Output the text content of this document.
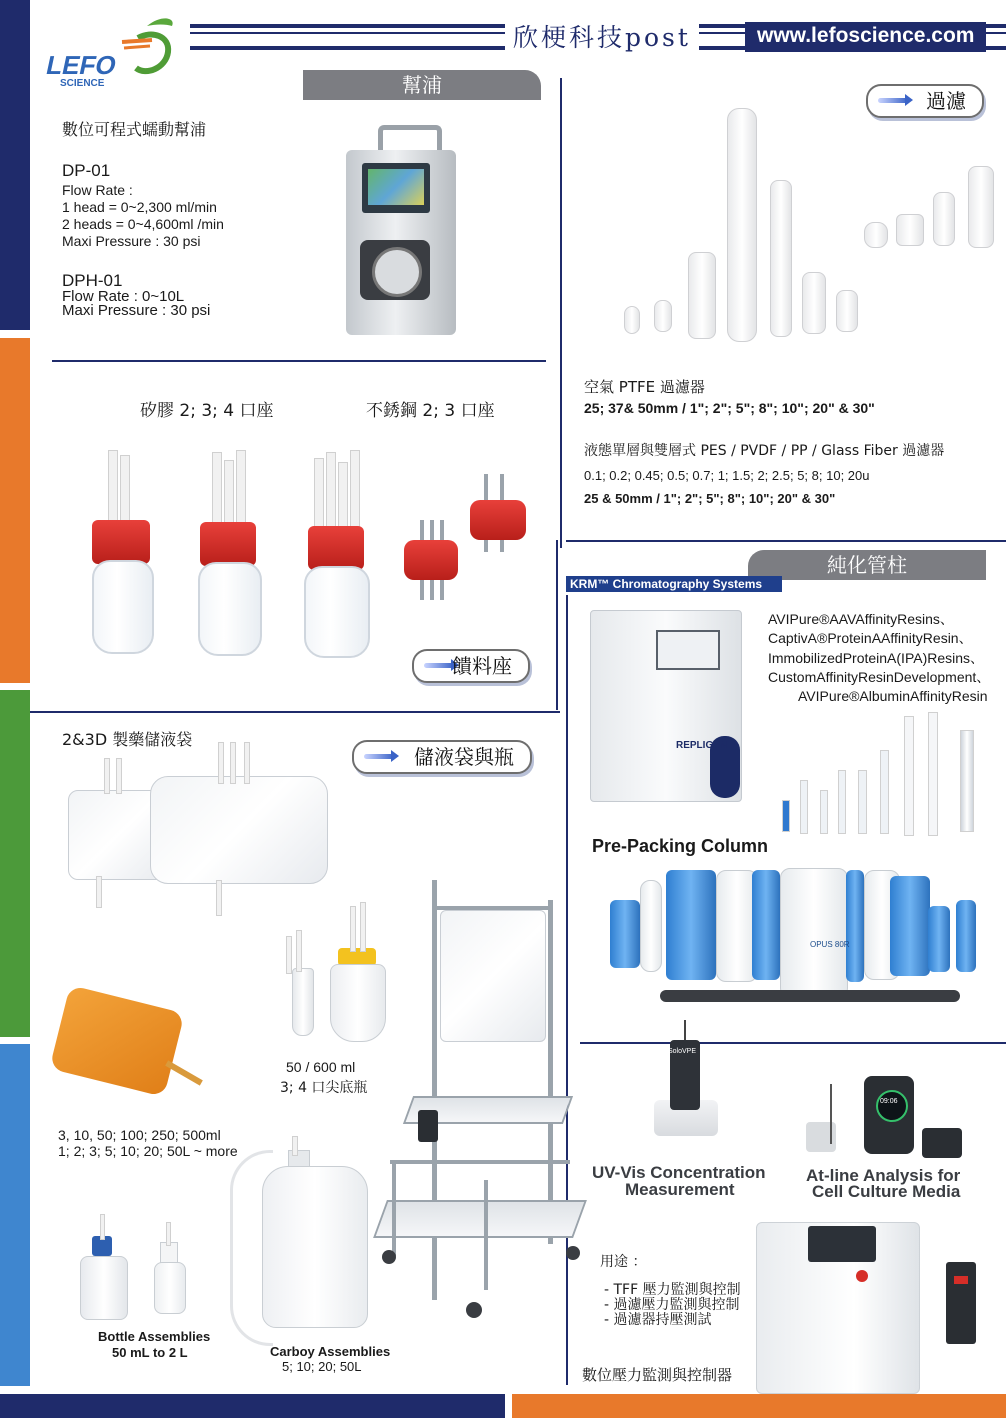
LEFO
SCIENCE
欣梗科技post	www.lefoscience.com
幫浦
數位可程式蠕動幫浦
DP-01
Flow Rate :
1 head = 0~2,300 ml/min
2 heads = 0~4,600ml /min
Maxi Pressure : 30 psi
DPH-01
Flow Rate : 0~10L
Maxi Pressure : 30 psi
矽膠 2; 3; 4 口座	不銹鋼 2; 3 口座
饋料座
過濾
空氣 PTFE 過濾器
25; 37& 50mm / 1"; 2"; 5"; 8"; 10"; 20" & 30"
液態單層與雙層式 PES / PVDF / PP / Glass Fiber 過濾器
0.1; 0.2; 0.45; 0.5; 0.7; 1; 1.5; 2; 2.5; 5; 8; 10; 20u
25 & 50mm / 1"; 2"; 5"; 8"; 10"; 20" & 30"
純化管柱
KRM™ Chromatography Systems
REPLIGEN
AVIPure®AAVAffinityResins、
CaptivA®ProteinAAffinityResin、
ImmobilizedProteinA(IPA)Resins、
CustomAffinityResinDevelopment、
AVIPure®AlbuminAffinityResin
Pre-Packing Column
OPUS 80R
SoloVPE
09:06
UV-Vis Concentration
Measurement
At-line Analysis for
Cell Culture Media
用途 ：
- TFF 壓力監測與控制
- 過濾壓力監測與控制
- 過濾器持壓測試
數位壓力監測與控制器
2&3D 製藥儲液袋
儲液袋與瓶
3, 10, 50; 100; 250; 500ml
1; 2; 3; 5; 10; 20; 50L ~ more
50 / 600 ml
3; 4 口尖底瓶
Carboy Assemblies
5; 10; 20; 50L
Bottle Assemblies
50 mL to 2 L
